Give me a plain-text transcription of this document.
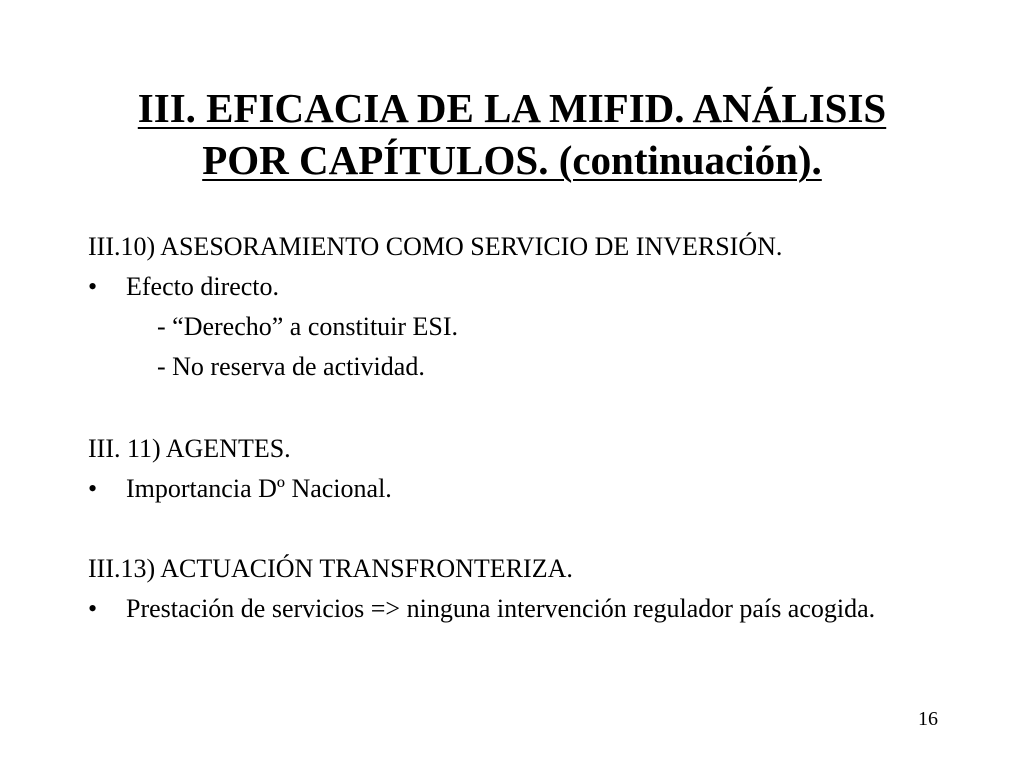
III. EFICACIA DE LA MIFID. ANÁLISIS
POR CAPÍTULOS. (continuación).
III.10) ASESORAMIENTO COMO SERVICIO DE INVERSIÓN.
• Efecto directo.
- “Derecho” a constituir ESI.
- No reserva de actividad.
III. 11) AGENTES.
• Importancia Dº Nacional.
III.13) ACTUACIÓN TRANSFRONTERIZA.
• Prestación de servicios => ninguna intervención regulador país acogida.
16
